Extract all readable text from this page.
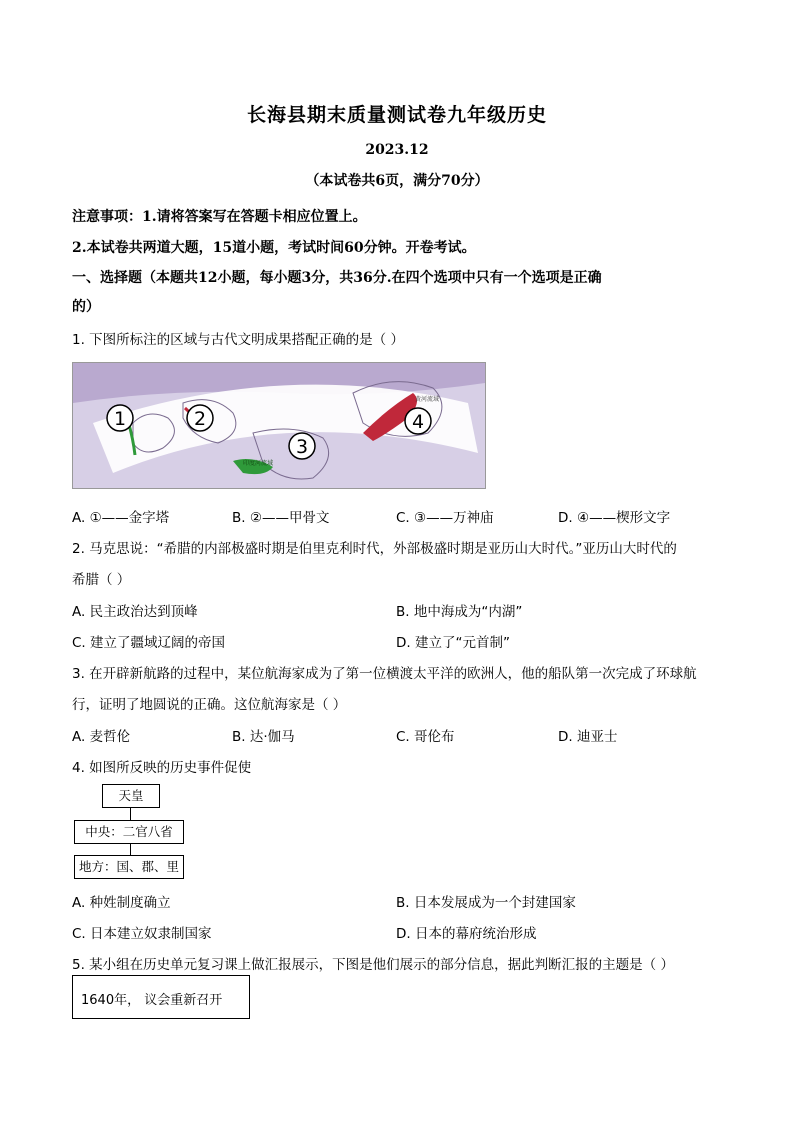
长海县期末质量测试卷九年级历史
2023.12
（本试卷共6页，满分70分）
注意事项：1.请将答案写在答题卡相应位置上。
2.本试卷共两道大题，15道小题，考试时间60分钟。开卷考试。
一、选择题（本题共12小题，每小题3分，共36分.在四个选项中只有一个选项是正确
的）
1. 下图所标注的区域与古代文明成果搭配正确的是（ ）
1	2
3
4
印度河流域
黄河流域
A. ①——金字塔	B. ②——甲骨文	C. ③——万神庙	D. ④——楔形文字
2. 马克思说：“希腊的内部极盛时期是伯里克利时代，外部极盛时期是亚历山大时代。”亚历山大时代的
希腊（ ）
A. 民主政治达到顶峰	B. 地中海成为“内湖”
C. 建立了疆域辽阔的帝国	D. 建立了“元首制”
3. 在开辟新航路的过程中，某位航海家成为了第一位横渡太平洋的欧洲人，他的船队第一次完成了环球航
行，证明了地圆说的正确。这位航海家是（ ）
A. 麦哲伦	B. 达·伽马	C. 哥伦布	D. 迪亚士
4. 如图所反映的历史事件促使
天皇
中央：二官八省
地方：国、郡、里
A. 种姓制度确立	B. 日本发展成为一个封建国家
C. 日本建立奴隶制国家	D. 日本的幕府统治形成
5. 某小组在历史单元复习课上做汇报展示，下图是他们展示的部分信息，据此判断汇报的主题是（ ）
1640年， 议会重新召开
